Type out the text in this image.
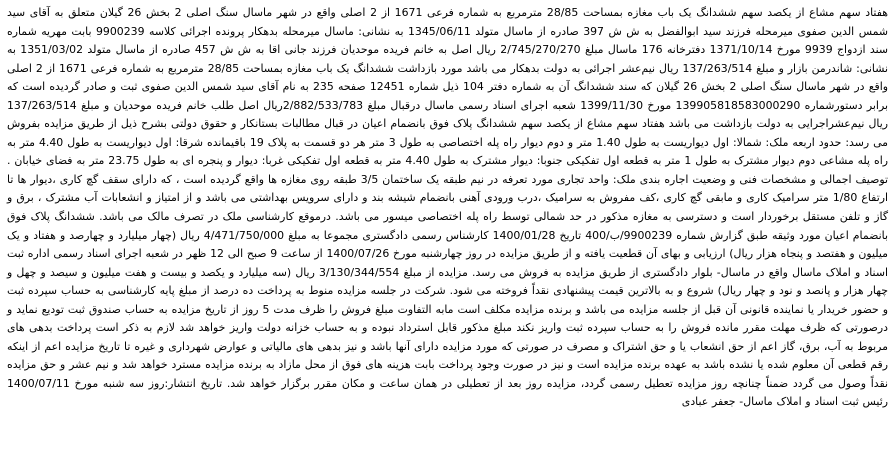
هفتاد سهم مشاع از یکصد سهم ششدانگ یک باب مغازه بمساحت 28/85 مترمربع به شماره فرعی 1671 از 2 اصلی واقع در شهر ماسال سنگ اصلی 2 بخش 26 گیلان متعلق به آقای سید شمس الدین صفوی میرمحله فرزند سید ابوالفضل به ش ش 397 صادره از ماسال متولد 1345/06/11 به نشانی: ماسال میرمحله بدهکار پرونده اجرائی کلاسه 9900239 بابت مهریه شماره سند ازدواج 9939 مورخ 1371/10/14 دفترخانه 176 ماسال مبلغ 2/745/270/270 ریال اصل به خانم فریده موحدیان فرزند جانی اقا به ش ش 457 صادره از ماسال متولد 1351/03/02 به نشانی: شاندرمن بازار و مبلغ 137/263/514 ریال نیم‌عشر اجرائی به دولت بدهکار می باشد مورد بازداشت ششدانگ یک باب مغازه بمساحت 28/85 مترمربع به شماره فرعی 1671 از 2 اصلی واقع در شهر ماسال سنگ اصلی 2 بخش 26 گیلان که سند ششدانگ آن به شماره دفتر 104 ذیل شماره 12451 صفحه 235 به نام آقای سید شمس الدین صفوی ثبت و صادر گردیده است که برابر دستورشماره 139905818583000290 مورخ 1399/11/30 شعبه اجرای اسناد رسمی ماسال درقبال مبلغ 2/882/533/783ریال اصل طلب خانم فریده موحدیان و مبلغ 137/263/514 ریال نیم‌عشراجرایی به دولت بازداشت می باشد هفتاد سهم مشاع از یکصد سهم ششدانگ پلاک فوق بانضمام اعیان در قبال مطالبات بستانکار و حقوق دولتی بشرح ذیل از طریق مزایده بفروش می رسد: حدود اربعه ملک: شمالا: اول دیواریست به طول 1.40 متر و دوم دیوار راه پله اختصاصی به طول 3 متر هر دو قسمت به پلاک 19 باقیمانده شرقا: اول دیواریست به طول 4.40 متر به راه پله مشاعی دوم دیوار مشترک به طول 1 متر به قطعه اول تفکیکی جنوبا: دیوار مشترک به طول 4.40 متر به قطعه اول تفکیکی غربا: دیوار و پنجره ای به طول 23.75 متر به فضای خیابان . توصیف اجمالی و مشخصات فنی و وضعیت اجاره بندی ملک: واحد تجاری مورد تعرفه در نیم طبقه یک ساختمان 3/5 طبقه روی مغازه ها واقع گردیده است ، که دارای سقف گچ کاری ،دیوار ها تا ارتفاع 1/80 متر سرامیک کاری و مابقی گچ کاری ،کف مفروش به سرامیک ،درب ورودی آهنی بانضمام شیشه بند و دارای سرویس بهداشتی می باشد و از امتیاز و انشعابات آب مشترک ، برق و گاز و تلفن مستقل برخوردار است و دسترسی به مغازه مذکور در حد شمالی توسط راه پله اختصاصی میسور می باشد. درموقع کارشناسی ملک در تصرف مالک می باشد. ششدانگ پلاک فوق بانضمام اعیان مورد وثیقه طبق گزارش شماره 9900239/ب/400 تاریخ 1400/01/28 کارشناس رسمی دادگستری مجموعا به مبلغ 4/471/750/000 ریال (چهار میلیارد و چهارصد و هفتاد و یک میلیون و هفتصد و پنجاه هزار ریال) ارزیابی و بهای آن قطعیت یافته و از طریق مزایده در روز چهارشنبه مورخ 1400/07/26 از ساعت 9 صبح الی 12 ظهر در شعبه اجرای اسناد رسمی اداره ثبت اسناد و املاک ماسال واقع در ماسال- بلوار دادگستری از طریق مزایده به فروش می رسد. مزایده از مبلغ 3/130/344/554 ریال (سه میلیارد و یکصد و بیست و هفت میلیون و سیصد و چهل و چهار هزار و پانصد و نود و چهار ریال) شروع و به بالاترین قیمت پیشنهادی نقداً فروخته می شود. شرکت در جلسه مزایده منوط به پرداخت ده درصد از مبلغ پایه کارشناسی به حساب سپرده ثبت و حضور خریدار یا نماینده قانونی آن قبل از جلسه مزایده می باشد و برنده مزایده مکلف است مابه التفاوت مبلغ فروش را ظرف مدت 5 روز از تاریخ مزایده به حساب صندوق ثبت تودیع نماید و درصورتی که ظرف مهلت مقرر مانده فروش را به حساب سپرده ثبت واریز نکند مبلغ مذکور قابل استرداد نبوده و به حساب خزانه دولت واریز خواهد شد لازم به ذکر است پرداخت بدهی های مربوط به آب، برق، گاز اعم از حق انشعاب یا و حق اشتراک و مصرف در صورتی که مورد مزایده دارای آنها باشد و نیز بدهی های مالیاتی و عوارض شهرداری و غیره تا تاریخ مزایده اعم از اینکه رقم قطعی آن معلوم شده یا نشده باشد به عهده برنده مزایده است و نیز در صورت وجود پرداخت بابت هزینه های فوق از محل مازاد به برنده مزایده مسترد خواهد شد و نیم عشر و حق مزایده نقداً وصول می گردد ضمناً چنانچه روز مزایده تعطیل رسمی گردد، مزایده روز بعد از تعطیلی در همان ساعت و مکان مقرر برگزار خواهد شد. تاریخ انتشار:روز سه شنبه مورخ 1400/07/11 رئیس ثبت اسناد و املاک ماسال- جعفر عبادی
